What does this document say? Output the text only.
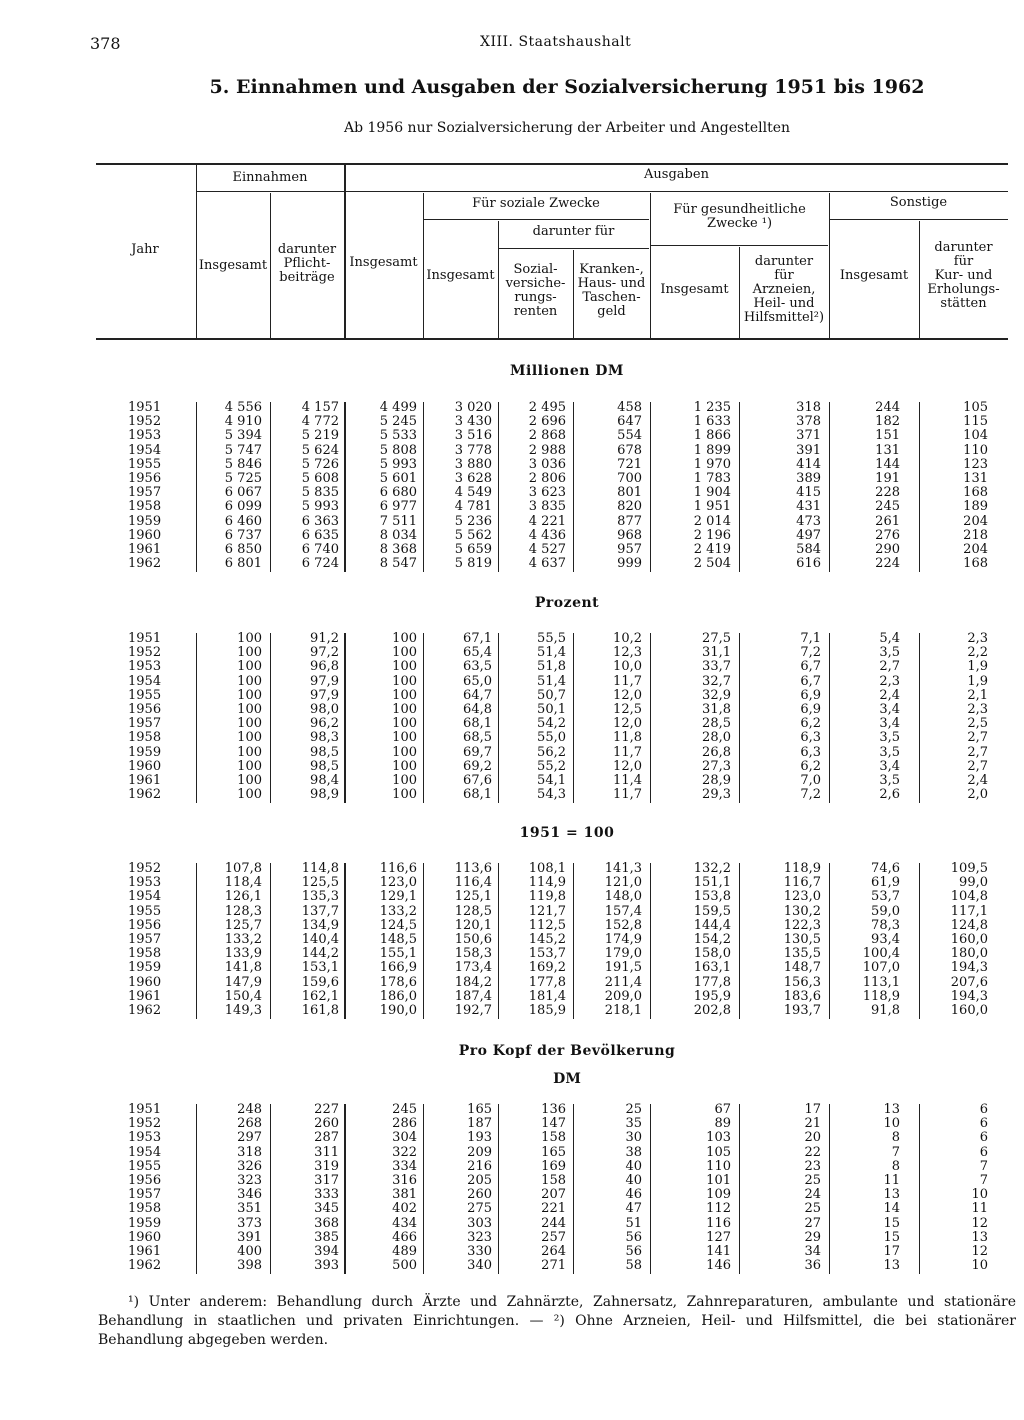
378	XIII. Staatshaushalt
5. Einnahmen und Ausgaben der Sozialversicherung 1951 bis 1962
Ab 1956 nur Sozialversicherung der Arbeiter und Angestellten
Jahr
Einnahmen
Insgesamt
darunter
Pflicht-
beiträge
Ausgaben
Insgesamt
Für soziale Zwecke
Insgesamt
darunter für
Sozial-
versiche-
rungs-
renten
Kranken-,
Haus- und
Taschen-
geld
Für gesundheitliche
Zwecke ¹)
Insgesamt
darunter
für
Arzneien,
Heil- und
Hilfsmittel²)
Sonstige
Insgesamt
darunter
für
Kur- und
Erholungs-
stätten
Millionen DM
1951
1952
1953
1954
1955
1956
1957
1958
1959
1960
1961
1962
Prozent
1951
1952
1953
1954
1955
1956
1957
1958
1959
1960
1961
1962
1951 = 100
1952
1953
1954
1955
1956
1957
1958
1959
1960
1961
1962
Pro Kopf der Bevölkerung
DM
1951
1952
1953
1954
1955
1956
1957
1958
1959
1960
1961
1962

¹) Unter anderem: Behandlung durch Ärzte und Zahnärzte, Zahnersatz, Zahnreparaturen, ambulante und stationäre Behandlung in staatlichen und privaten Einrichtungen. — ²) Ohne Arzneien, Heil- und Hilfsmittel, die bei stationärer Behandlung abgegeben werden.

4 556
4 910
5 394
5 747
5 846
5 725
6 067
6 099
6 460
6 737
6 850
6 801
4 157
4 772
5 219
5 624
5 726
5 608
5 835
5 993
6 363
6 635
6 740
6 724
4 499
5 245
5 533
5 808
5 993
5 601
6 680
6 977
7 511
8 034
8 368
8 547
3 020
3 430
3 516
3 778
3 880
3 628
4 549
4 781
5 236
5 562
5 659
5 819
2 495
2 696
2 868
2 988
3 036
2 806
3 623
3 835
4 221
4 436
4 527
4 637
458
647
554
678
721
700
801
820
877
968
957
999
1 235
1 633
1 866
1 899
1 970
1 783
1 904
1 951
2 014
2 196
2 419
2 504
318
378
371
391
414
389
415
431
473
497
584
616
244
182
151
131
144
191
228
245
261
276
290
224
105
115
104
110
123
131
168
189
204
218
204
168
100
100
100
100
100
100
100
100
100
100
100
100
91,2
97,2
96,8
97,9
97,9
98,0
96,2
98,3
98,5
98,5
98,4
98,9
100
100
100
100
100
100
100
100
100
100
100
100
67,1
65,4
63,5
65,0
64,7
64,8
68,1
68,5
69,7
69,2
67,6
68,1
55,5
51,4
51,8
51,4
50,7
50,1
54,2
55,0
56,2
55,2
54,1
54,3
10,2
12,3
10,0
11,7
12,0
12,5
12,0
11,8
11,7
12,0
11,4
11,7
27,5
31,1
33,7
32,7
32,9
31,8
28,5
28,0
26,8
27,3
28,9
29,3
7,1
7,2
6,7
6,7
6,9
6,9
6,2
6,3
6,3
6,2
7,0
7,2
5,4
3,5
2,7
2,3
2,4
3,4
3,4
3,5
3,5
3,4
3,5
2,6
2,3
2,2
1,9
1,9
2,1
2,3
2,5
2,7
2,7
2,7
2,4
2,0
107,8
118,4
126,1
128,3
125,7
133,2
133,9
141,8
147,9
150,4
149,3
114,8
125,5
135,3
137,7
134,9
140,4
144,2
153,1
159,6
162,1
161,8
116,6
123,0
129,1
133,2
124,5
148,5
155,1
166,9
178,6
186,0
190,0
113,6
116,4
125,1
128,5
120,1
150,6
158,3
173,4
184,2
187,4
192,7
108,1
114,9
119,8
121,7
112,5
145,2
153,7
169,2
177,8
181,4
185,9
141,3
121,0
148,0
157,4
152,8
174,9
179,0
191,5
211,4
209,0
218,1
132,2
151,1
153,8
159,5
144,4
154,2
158,0
163,1
177,8
195,9
202,8
118,9
116,7
123,0
130,2
122,3
130,5
135,5
148,7
156,3
183,6
193,7
74,6
61,9
53,7
59,0
78,3
93,4
100,4
107,0
113,1
118,9
91,8
109,5
99,0
104,8
117,1
124,8
160,0
180,0
194,3
207,6
194,3
160,0
248
268
297
318
326
323
346
351
373
391
400
398
227
260
287
311
319
317
333
345
368
385
394
393
245
286
304
322
334
316
381
402
434
466
489
500
165
187
193
209
216
205
260
275
303
323
330
340
136
147
158
165
169
158
207
221
244
257
264
271
25
35
30
38
40
40
46
47
51
56
56
58
67
89
103
105
110
101
109
112
116
127
141
146
17
21
20
22
23
25
24
25
27
29
34
36
13
10
8
7
8
11
13
14
15
15
17
13
6
6
6
6
7
7
10
11
12
13
12
10
